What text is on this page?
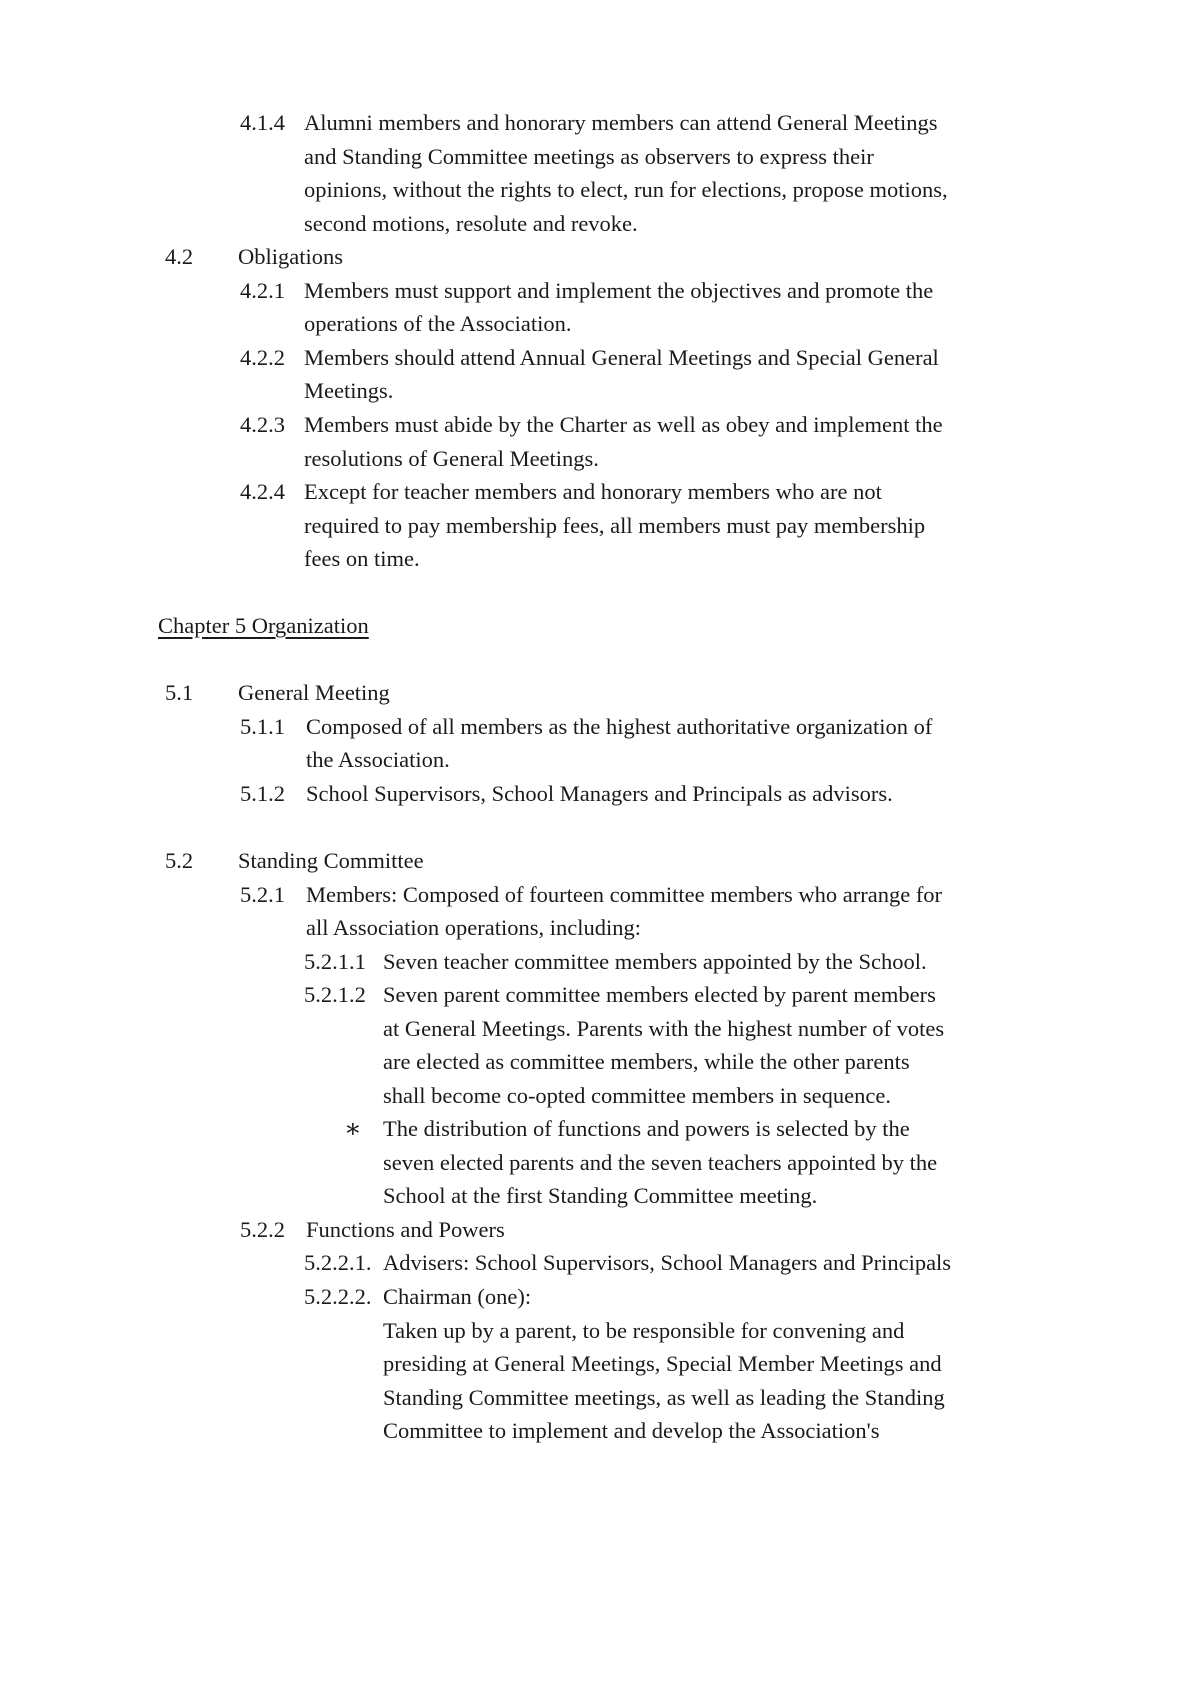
4.1.4 Alumni members and honorary members can attend General Meetings
and Standing Committee meetings as observers to express their
opinions, without the rights to elect, run for elections, propose motions,
second motions, resolute and revoke.
4.2 Obligations
4.2.1 Members must support and implement the objectives and promote the
operations of the Association.
4.2.2 Members should attend Annual General Meetings and Special General
Meetings.
4.2.3 Members must abide by the Charter as well as obey and implement the
resolutions of General Meetings.
4.2.4 Except for teacher members and honorary members who are not
required to pay membership fees, all members must pay membership
fees on time.
Chapter 5 Organization
5.1 General Meeting
5.1.1 Composed of all members as the highest authoritative organization of
the Association.
5.1.2 School Supervisors, School Managers and Principals as advisors.
5.2 Standing Committee
5.2.1 Members: Composed of fourteen committee members who arrange for
all Association operations, including:
5.2.1.1 Seven teacher committee members appointed by the School.
5.2.1.2 Seven parent committee members elected by parent members
at General Meetings. Parents with the highest number of votes
are elected as committee members, while the other parents
shall become co-opted committee members in sequence.
∗ The distribution of functions and powers is selected by the
seven elected parents and the seven teachers appointed by the
School at the first Standing Committee meeting.
5.2.2 Functions and Powers
5.2.2.1. Advisers: School Supervisors, School Managers and Principals
5.2.2.2. Chairman (one):
Taken up by a parent, to be responsible for convening and
presiding at General Meetings, Special Member Meetings and
Standing Committee meetings, as well as leading the Standing
Committee to implement and develop the Association's
